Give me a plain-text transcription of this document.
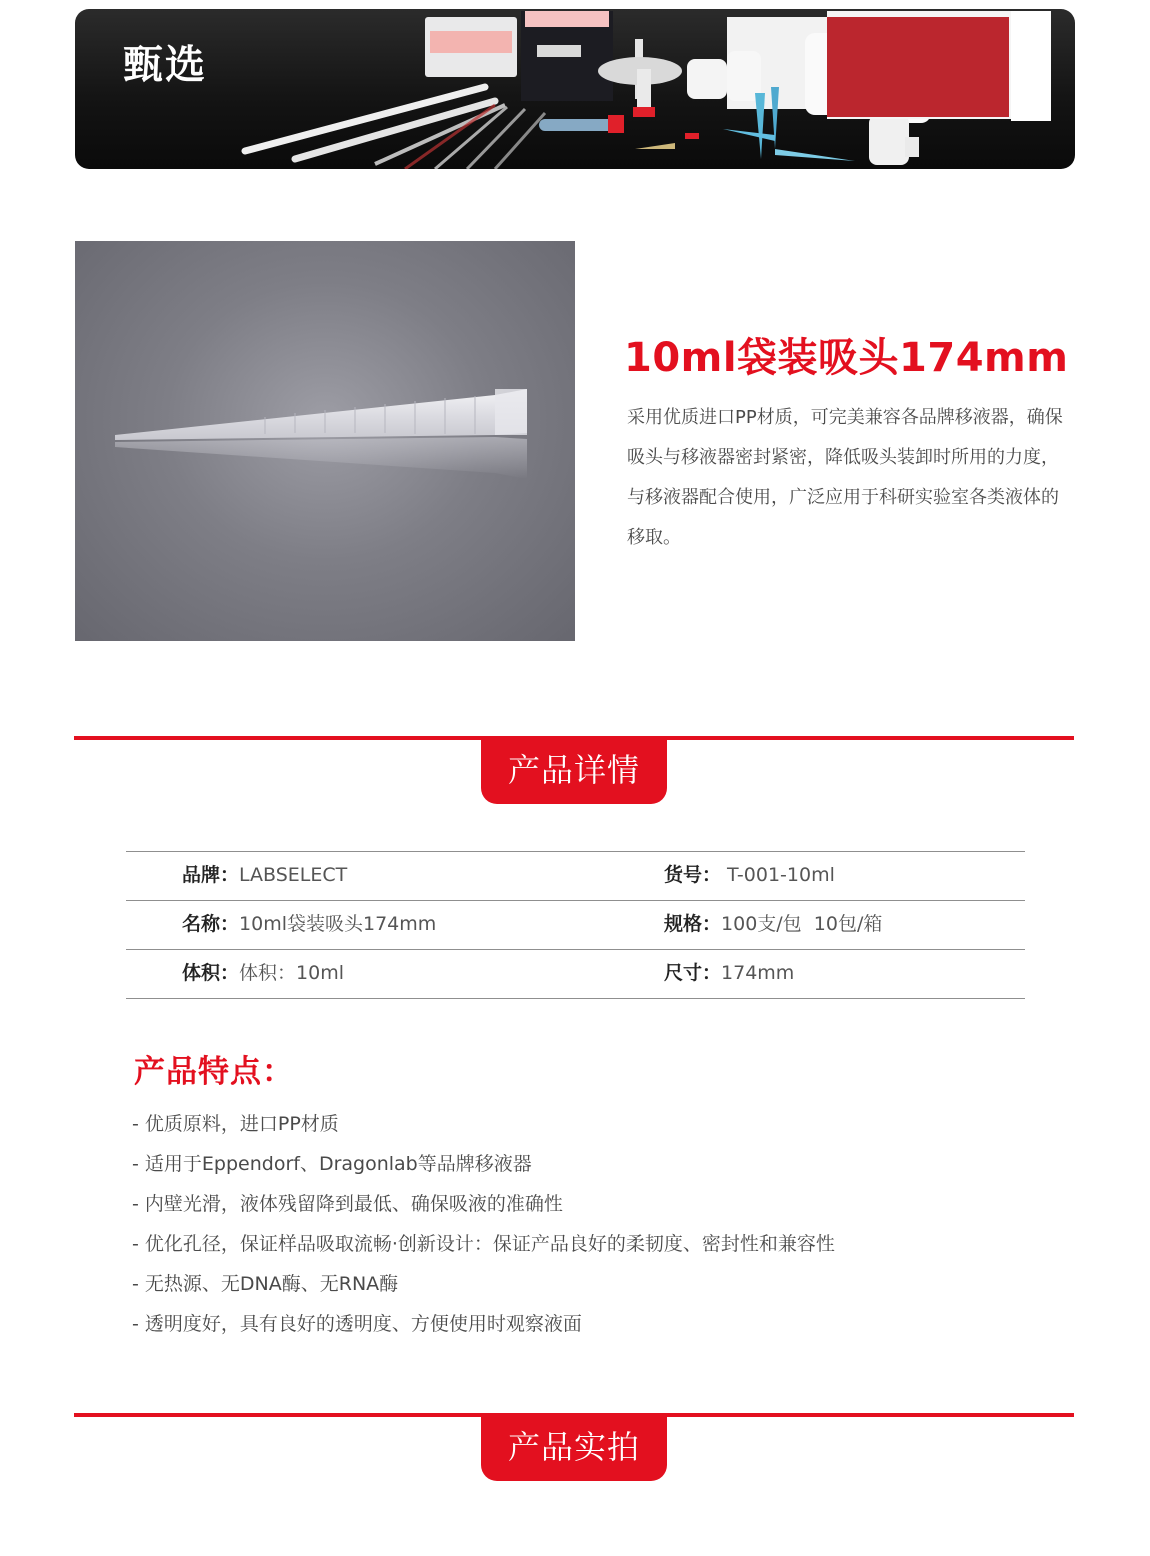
甄选
10ml袋装吸头174mm
采用优质进口PP材质，可完美兼容各品牌移液器，确保吸头与移液器密封紧密，降低吸头装卸时所用的力度，与移液器配合使用，广泛应用于科研实验室各类液体的移取。
产品详情
品牌：LABSELECT	货号： T-001-10ml
名称：10ml袋装吸头174mm	规格：100支/包  10包/箱
体积：体积：10ml	尺寸：174mm
产品特点：
- 优质原料，进口PP材质
- 适用于Eppendorf、Dragonlab等品牌移液器
- 内壁光滑，液体残留降到最低、确保吸液的准确性
- 优化孔径，保证样品吸取流畅·创新设计：保证产品良好的柔韧度、密封性和兼容性
- 无热源、无DNA酶、无RNA酶
- 透明度好，具有良好的透明度、方便使用时观察液面
产品实拍
